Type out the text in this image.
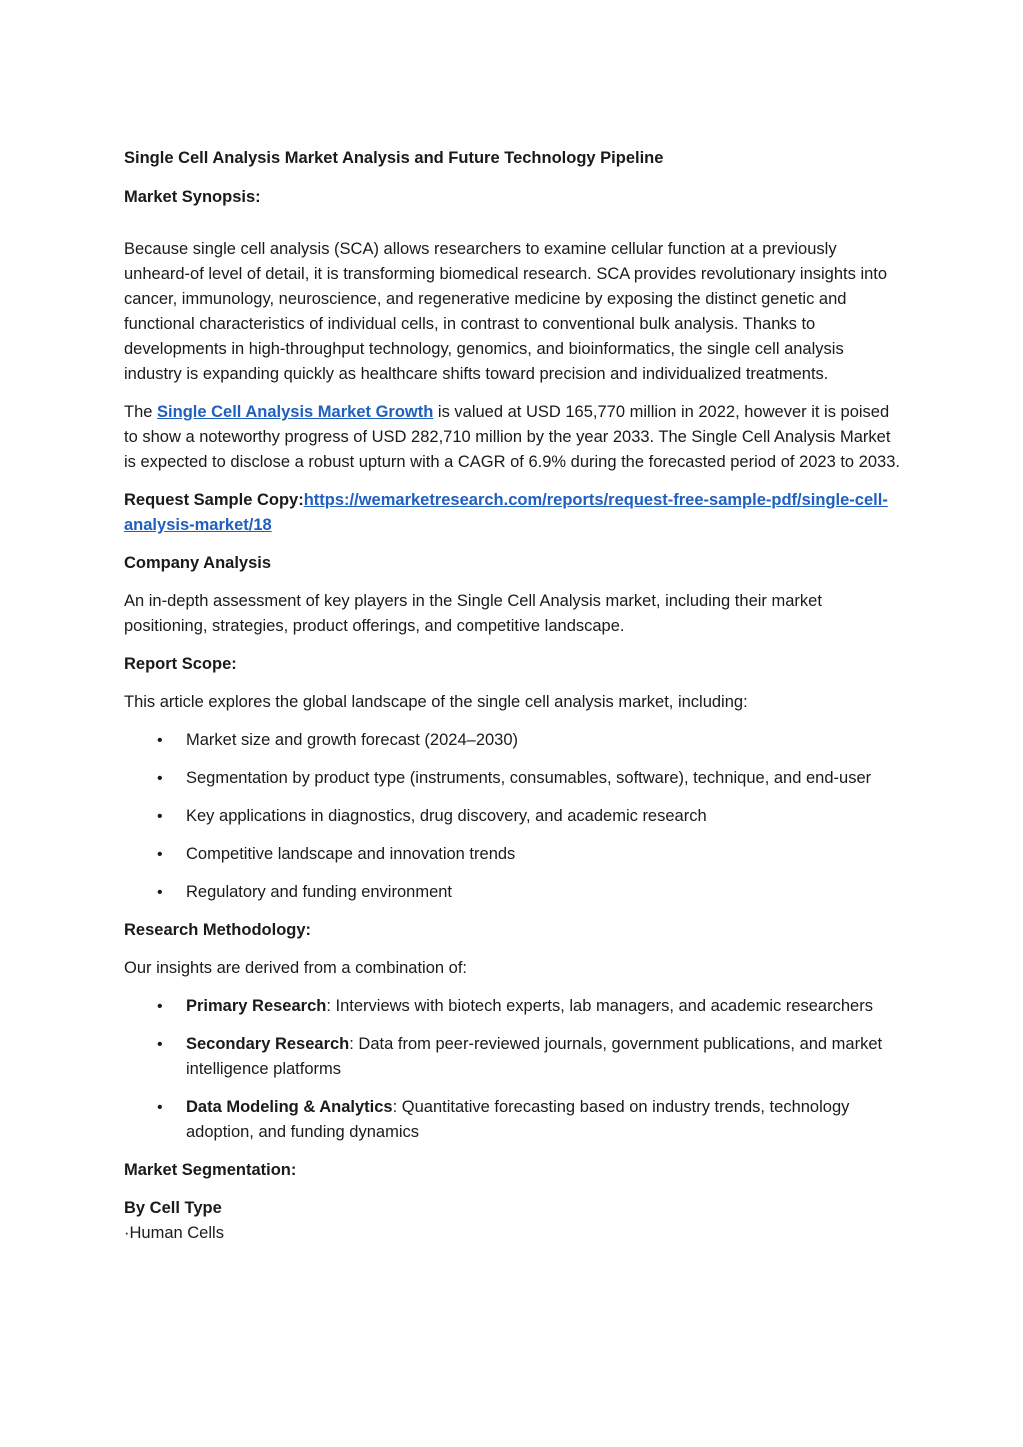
Single Cell Analysis Market Analysis and Future Technology Pipeline

Market Synopsis:

Because single cell analysis (SCA) allows researchers to examine cellular function at a previously unheard-of level of detail, it is transforming biomedical research. SCA provides revolutionary insights into cancer, immunology, neuroscience, and regenerative medicine by exposing the distinct genetic and functional characteristics of individual cells, in contrast to conventional bulk analysis. Thanks to developments in high-throughput technology, genomics, and bioinformatics, the single cell analysis industry is expanding quickly as healthcare shifts toward precision and individualized treatments.

The Single Cell Analysis Market Growth is valued at USD 165,770 million in 2022, however it is poised to show a noteworthy progress of USD 282,710 million by the year 2033. The Single Cell Analysis Market is expected to disclose a robust upturn with a CAGR of 6.9% during the forecasted period of 2023 to 2033.

Request Sample Copy:https://wemarketresearch.com/reports/request-free-sample-pdf/single-cell-analysis-market/18

Company Analysis

An in-depth assessment of key players in the Single Cell Analysis market, including their market positioning, strategies, product offerings, and competitive landscape.

Report Scope:

This article explores the global landscape of the single cell analysis market, including:

• Market size and growth forecast (2024–2030)
• Segmentation by product type (instruments, consumables, software), technique, and end-user
• Key applications in diagnostics, drug discovery, and academic research
• Competitive landscape and innovation trends
• Regulatory and funding environment

Research Methodology:

Our insights are derived from a combination of:

• Primary Research: Interviews with biotech experts, lab managers, and academic researchers
• Secondary Research: Data from peer-reviewed journals, government publications, and market intelligence platforms
• Data Modeling & Analytics: Quantitative forecasting based on industry trends, technology adoption, and funding dynamics

Market Segmentation:

By Cell Type

·Human Cells
